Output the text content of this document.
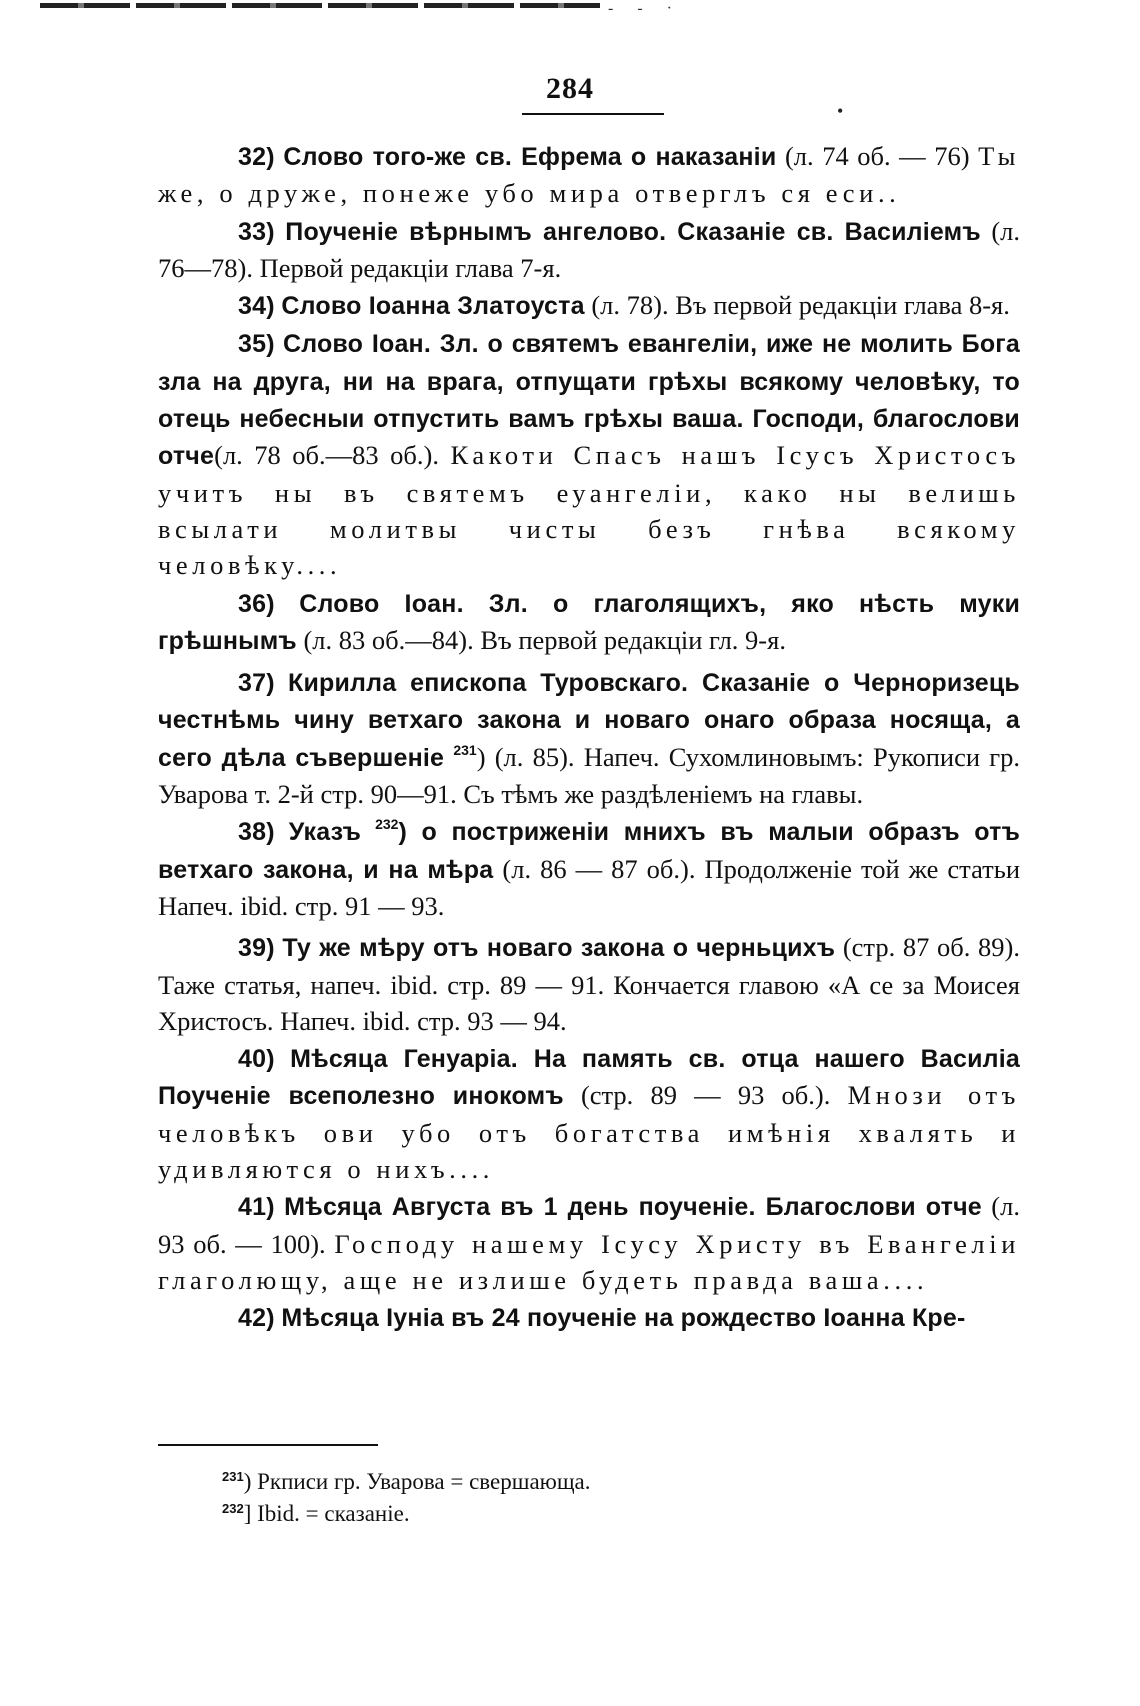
‐ ‐ ·
284
•

32) Слово того-же св. Ефрема о наказаніи (л. 74 об. — 76) Ты же, о друже, понеже убо мира отверглъ ся еси..

33) Поученіе вѣрнымъ ангелово. Сказаніе св. Василіемъ (л. 76—78). Первой редакціи глава 7-я.

34) Слово Іоанна Златоуста (л. 78). Въ первой редакціи глава 8-я.

35) Слово Іоан. Зл. о святемъ евангеліи, иже не молить Бога зла на друга, ни на врага, отпущати грѣхы всякому человѣку, то отець небесныи отпустить вамъ грѣхы ваша. Господи, благослови отче(л. 78 об.—83 об.). Какоти Спасъ нашъ Ісусъ Христосъ учитъ ны въ святемъ еуангеліи, како ны велишь всылати молитвы чисты безъ гнѣва всякому человѣку....

36) Слово Іоан. Зл. о глаголящихъ, яко нѣсть муки грѣшнымъ (л. 83 об.—84). Въ первой редакціи гл. 9-я.

37) Кирилла епископа Туровскаго. Сказаніе о Черноризець честнѣмь чину ветхаго закона и новаго онаго образа носяща, а сего дѣла съвершеніе $^{231}$) (л. 85). Напеч. Сухомлиновымъ: Рукописи гр. Уварова т. 2-й стр. 90—91. Съ тѣмъ же раздѣленіемъ на главы.

38) Указъ $^{232}$) о постриженіи мнихъ въ малыи образъ отъ ветхаго закона, и на мѣра (л. 86 — 87 об.). Продолженіе той же статьи Напеч. ibid. стр. 91 — 93.

39) Ту же мѣру отъ новаго закона о черньцихъ (стр. 87 об. 89). Таже статья, напеч. ibid. стр. 89 — 91. Кончается главою «А се за Моисея Христосъ. Напеч. ibid. стр. 93 — 94.

40) Мѣсяца Генуаріа. На память св. отца нашего Василіа Поученіе всеполезно инокомъ (стр. 89 — 93 об.). Мнози отъ человѣкъ ови убо отъ богатства имѣнія хвалять и удивляются о нихъ....

41) Мѣсяца Августа въ 1 день поученіе. Благослови отче (л. 93 об. — 100). Господу нашему Ісусу Христу въ Евангеліи глаголющу, аще не излише будеть правда ваша....

42) Мѣсяца Іуніа въ 24 поученіе на рождество Іоанна Кре-

$^{231}$) Ркписи гр. Уварова = свершающа.
$^{232}$] Ibid. = сказаніе.
